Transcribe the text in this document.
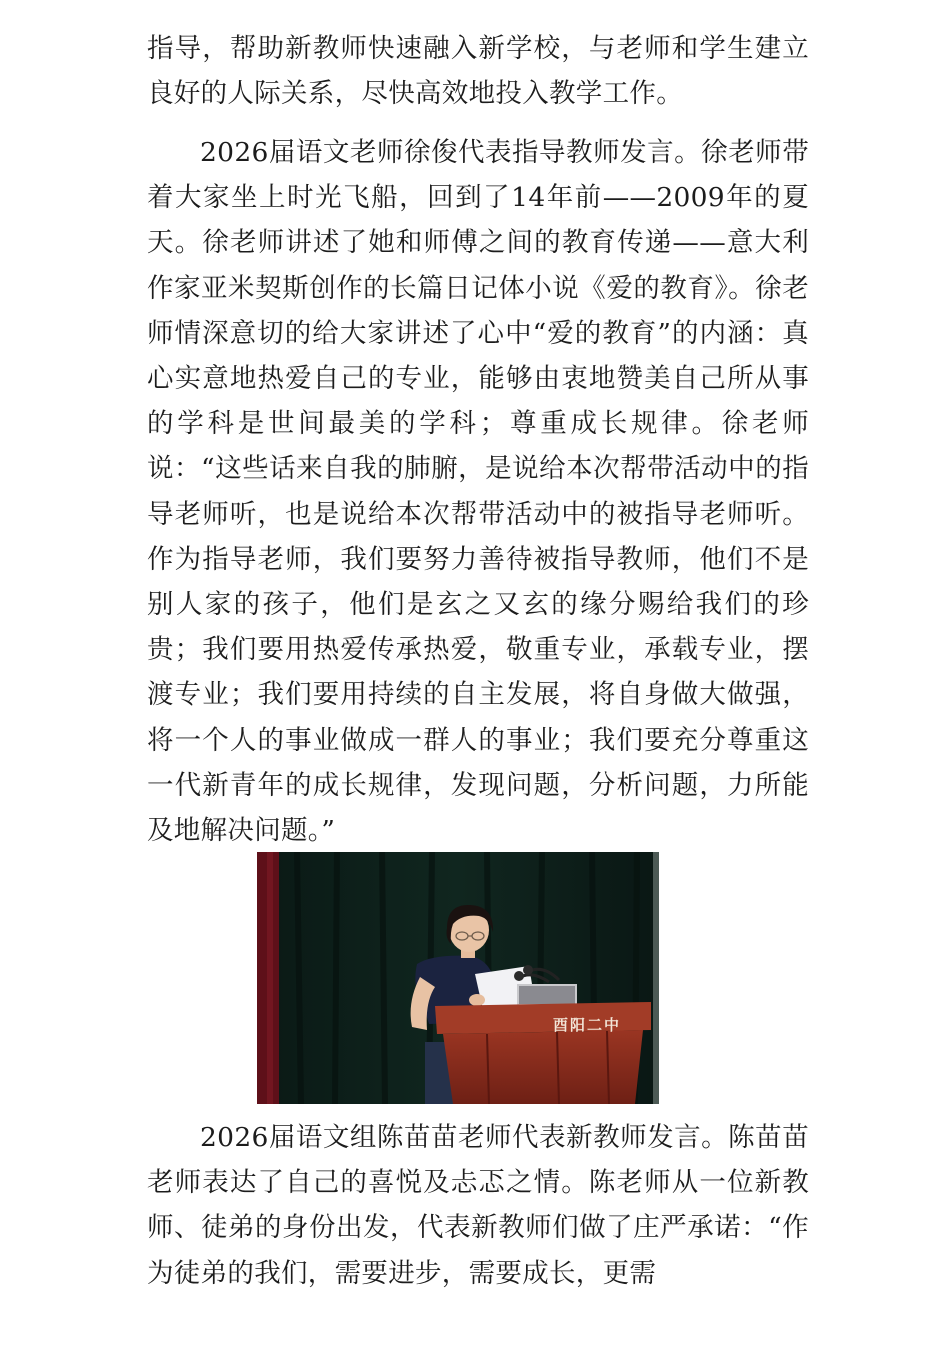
指导，帮助新教师快速融入新学校，与老师和学生建立良好的人际关系，尽快高效地投入教学工作。

2026届语文老师徐俊代表指导教师发言。徐老师带着大家坐上时光飞船，回到了14年前——2009年的夏天。徐老师讲述了她和师傅之间的教育传递——意大利作家亚米契斯创作的长篇日记体小说《爱的教育》。徐老师情深意切的给大家讲述了心中“爱的教育”的内涵：真心实意地热爱自己的专业，能够由衷地赞美自己所从事的学科是世间最美的学科；尊重成长规律。徐老师说：“这些话来自我的肺腑，是说给本次帮带活动中的指导老师听，也是说给本次帮带活动中的被指导老师听。作为指导老师，我们要努力善待被指导教师，他们不是别人家的孩子，他们是玄之又玄的缘分赐给我们的珍贵；我们要用热爱传承热爱，敬重专业，承载专业，摆渡专业；我们要用持续的自主发展，将自身做大做强，将一个人的事业做成一群人的事业；我们要充分尊重这一代新青年的成长规律，发现问题，分析问题，力所能及地解决问题。”

酉阳二中

2026届语文组陈苗苗老师代表新教师发言。陈苗苗老师表达了自己的喜悦及忐忑之情。陈老师从一位新教师、徒弟的身份出发，代表新教师们做了庄严承诺：“作为徒弟的我们，需要进步，需要成长，更需
